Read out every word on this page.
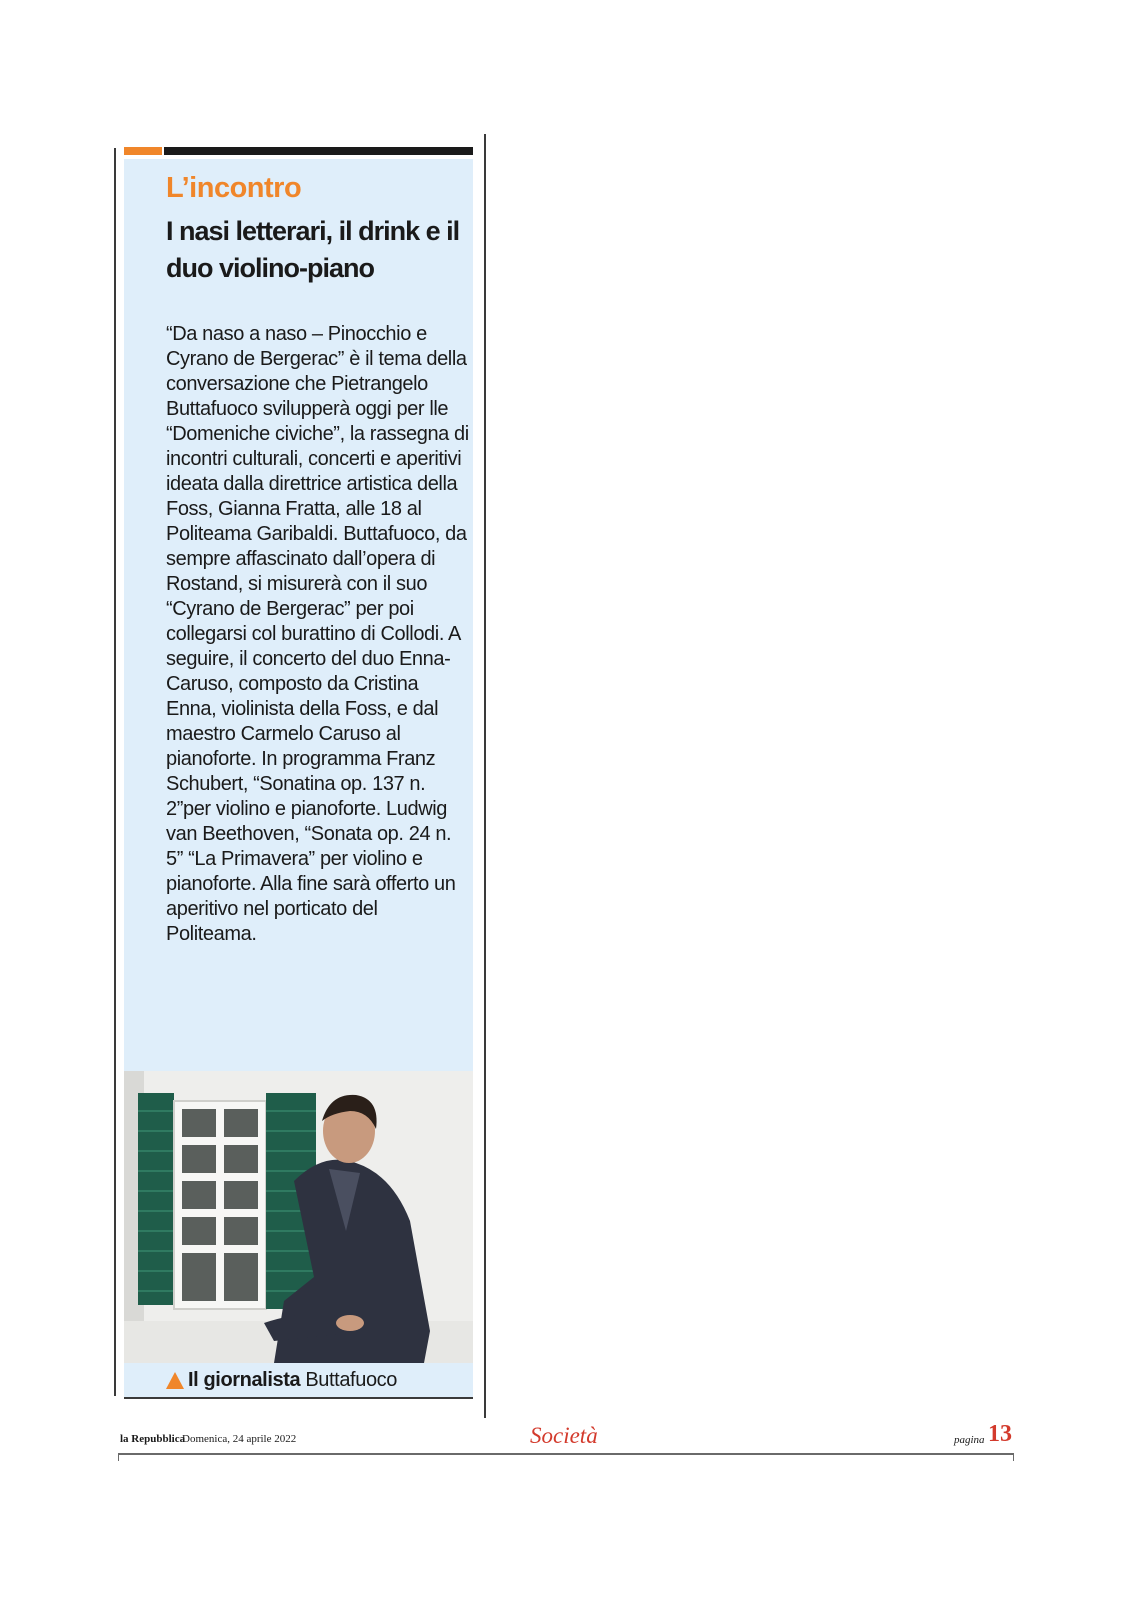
L’incontro
I nasi letterari, il drink e il duo violino-piano

“Da naso a naso – Pinocchio e Cyrano de Bergerac” è il tema della conversazione che Pietrangelo Buttafuoco svilupperà oggi per lle “Domeniche civiche”, la rassegna di incontri culturali, concerti e aperitivi ideata dalla direttrice artistica della Foss, Gianna Fratta, alle 18 al Politeama Garibaldi. Buttafuoco, da sempre affascinato dall’opera di Rostand, si misurerà con il suo “Cyrano de Bergerac” per poi collegarsi col burattino di Collodi. A seguire, il concerto del duo Enna-Caruso, composto da Cristina Enna, violinista della Foss, e dal maestro Carmelo Caruso al pianoforte. In programma Franz Schubert, “Sonatina op. 137 n. 2”per violino e pianoforte. Ludwig van Beethoven, “Sonata op. 24 n. 5” “La Primavera” per violino e pianoforte. Alla fine sarà offerto un aperitivo nel porticato del Politeama.

Il giornalista Buttafuoco
la Repubblica
Domenica, 24 aprile 2022	Società	pagina 13
